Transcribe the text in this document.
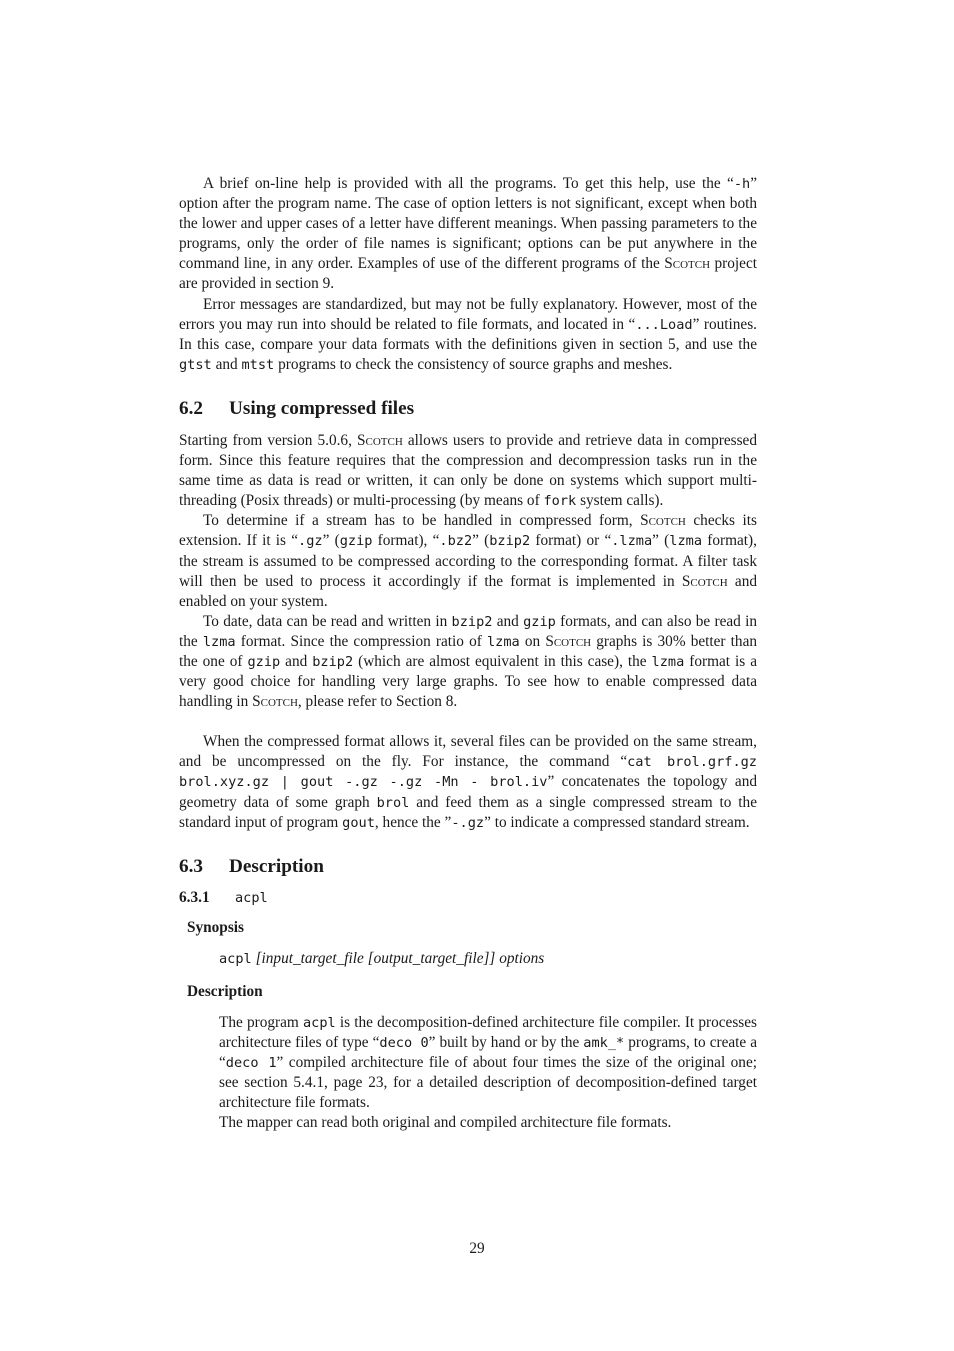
A brief on-line help is provided with all the programs. To get this help, use the “-h” option after the program name. The case of option letters is not significant, except when both the lower and upper cases of a letter have different meanings. When passing parameters to the programs, only the order of file names is significant; options can be put anywhere in the command line, in any order. Examples of use of the different programs of the Scotch project are provided in section 9.

Error messages are standardized, but may not be fully explanatory. However, most of the errors you may run into should be related to file formats, and located in “...Load” routines. In this case, compare your data formats with the definitions given in section 5, and use the gtst and mtst programs to check the consistency of source graphs and meshes.

6.2 Using compressed files

Starting from version 5.0.6, Scotch allows users to provide and retrieve data in compressed form. Since this feature requires that the compression and decompression tasks run in the same time as data is read or written, it can only be done on systems which support multi-threading (Posix threads) or multi-processing (by means of fork system calls).

To determine if a stream has to be handled in compressed form, Scotch checks its extension. If it is “.gz” (gzip format), “.bz2” (bzip2 format) or “.lzma” (lzma format), the stream is assumed to be compressed according to the corresponding format. A filter task will then be used to process it accordingly if the format is implemented in Scotch and enabled on your system.

To date, data can be read and written in bzip2 and gzip formats, and can also be read in the lzma format. Since the compression ratio of lzma on Scotch graphs is 30% better than the one of gzip and bzip2 (which are almost equivalent in this case), the lzma format is a very good choice for handling very large graphs. To see how to enable compressed data handling in Scotch, please refer to Section 8.

When the compressed format allows it, several files can be provided on the same stream, and be uncompressed on the fly. For instance, the command “cat brol.grf.gz brol.xyz.gz | gout -.gz -.gz -Mn - brol.iv” concatenates the topology and geometry data of some graph brol and feed them as a single compressed stream to the standard input of program gout, hence the ”-.gz” to indicate a compressed standard stream.

6.3 Description
6.3.1 acpl
Synopsis

acpl [input_target_file [output_target_file]] options

Description

The program acpl is the decomposition-defined architecture file compiler. It processes architecture files of type “deco 0” built by hand or by the amk_* programs, to create a “deco 1” compiled architecture file of about four times the size of the original one; see section 5.4.1, page 23, for a detailed description of decomposition-defined target architecture file formats.

The mapper can read both original and compiled architecture file formats.

29
